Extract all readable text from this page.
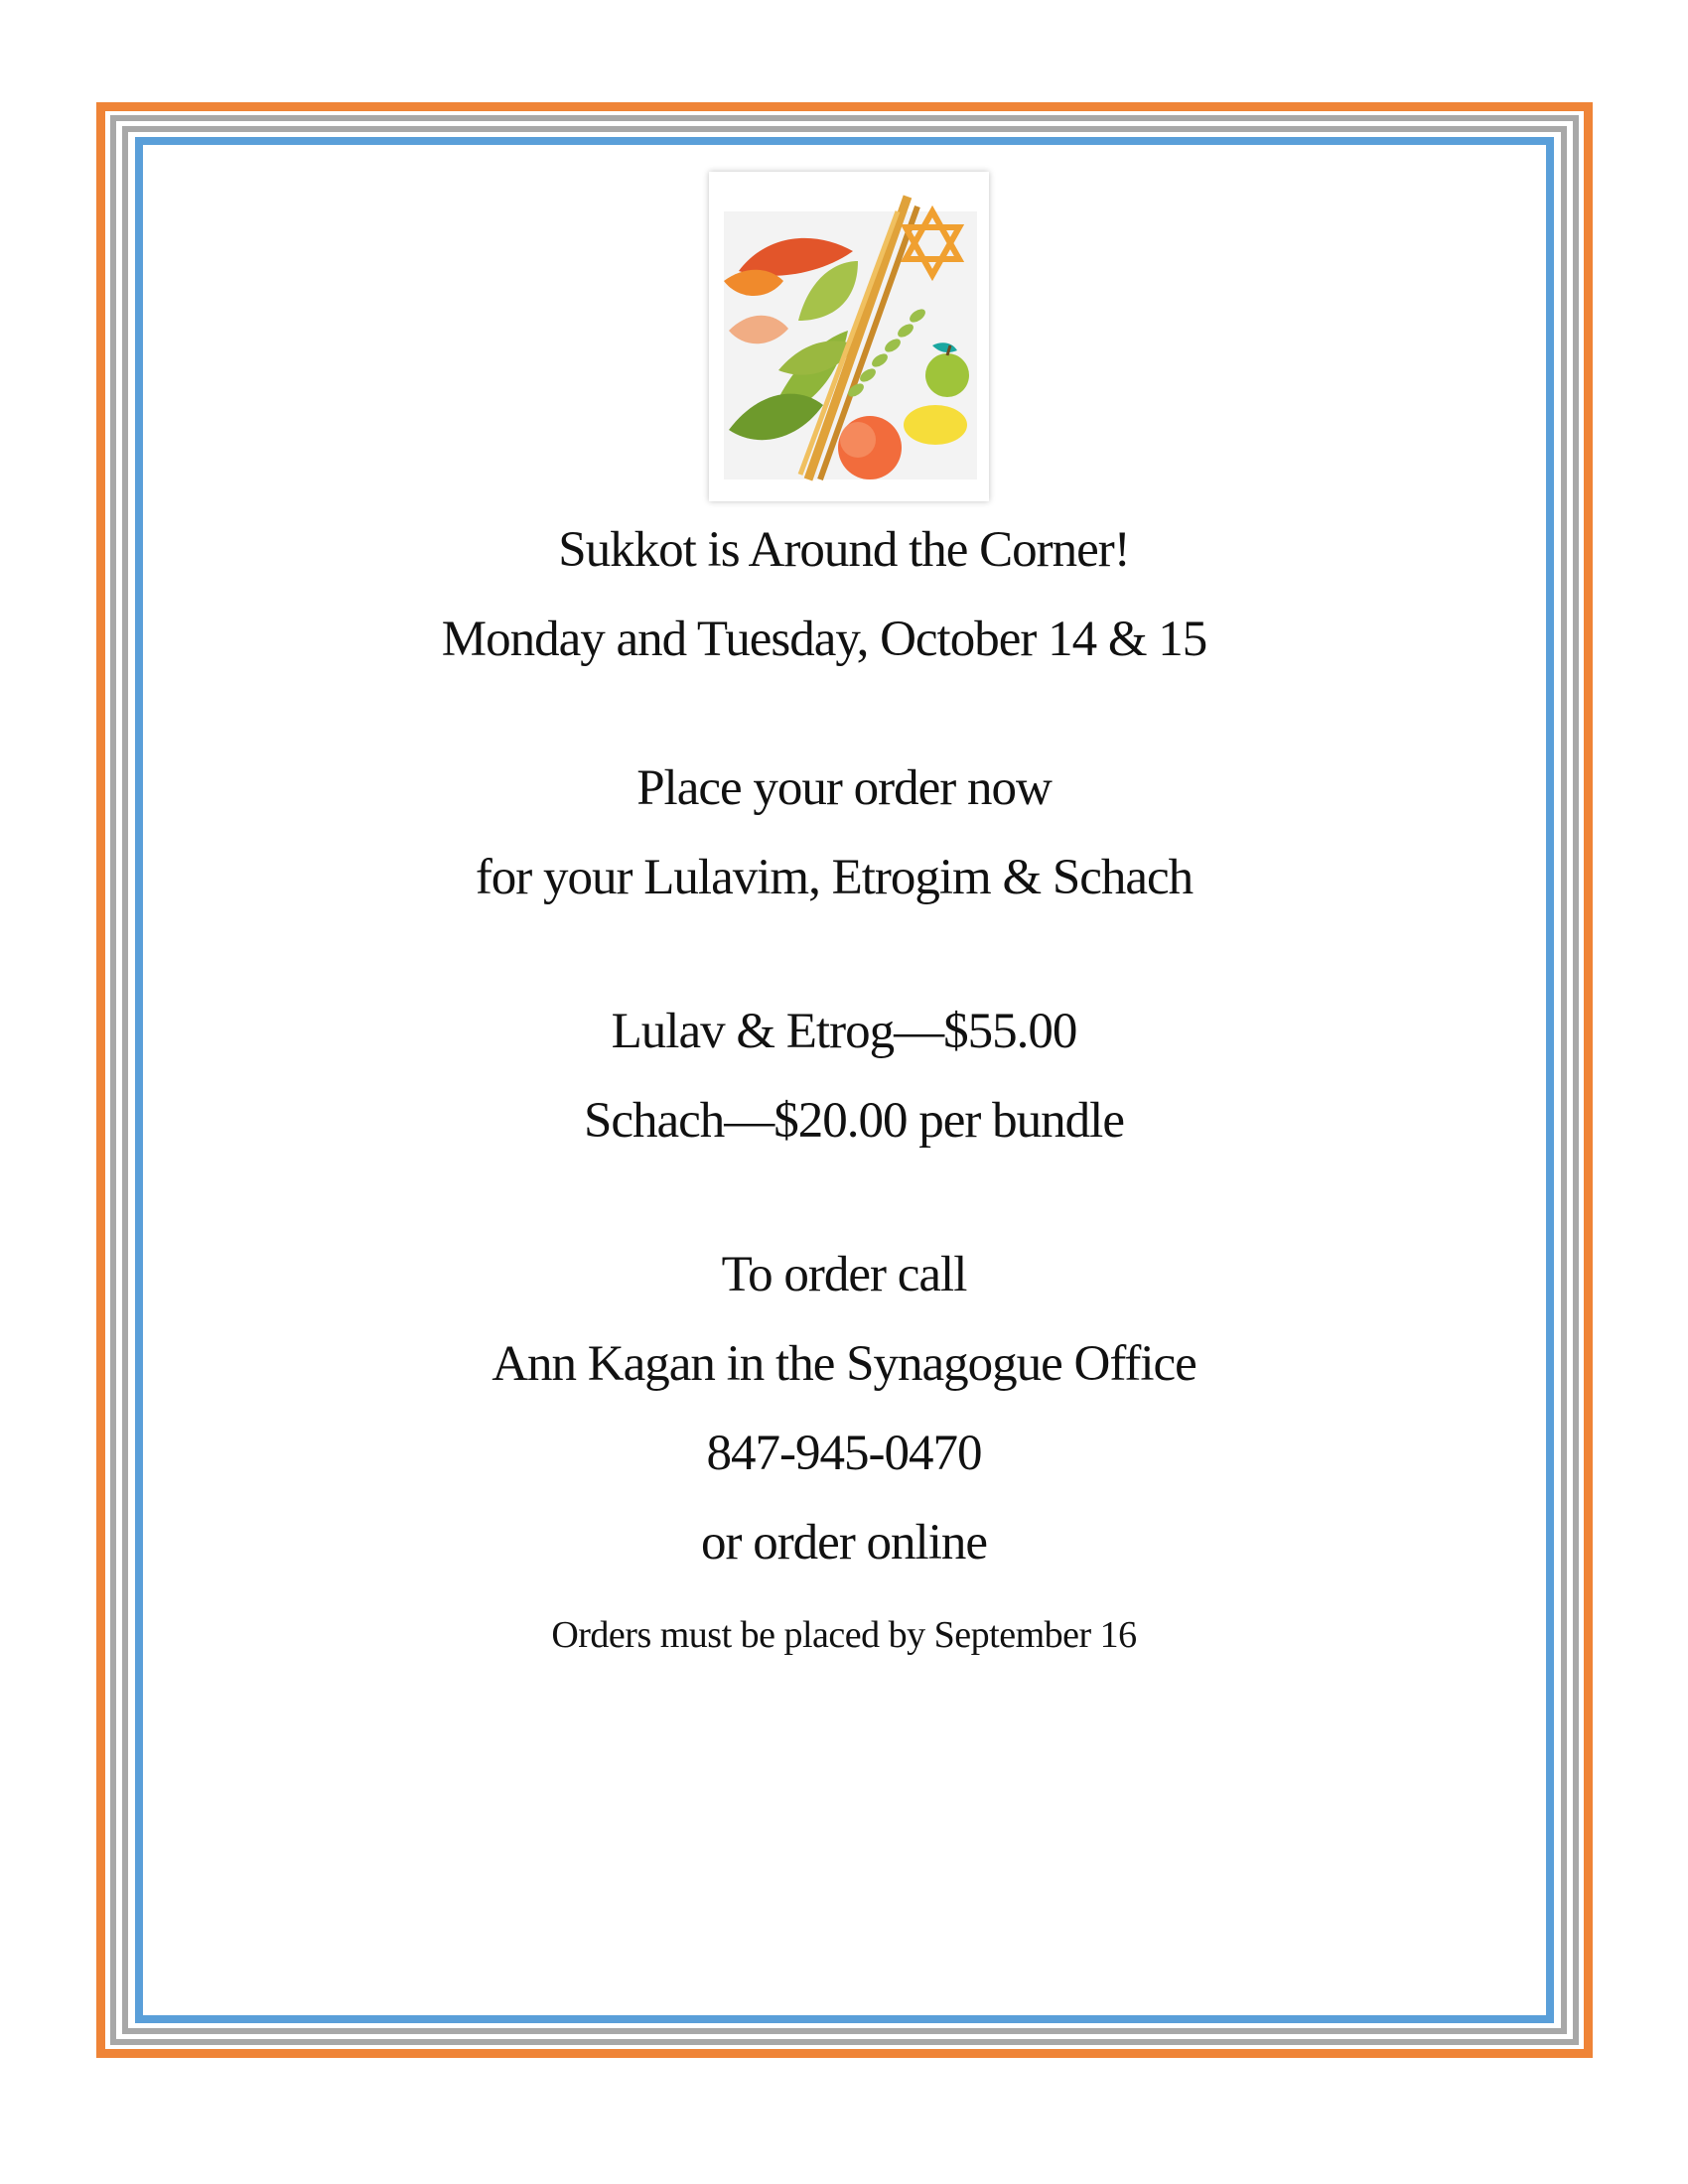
Sukkot is Around the Corner!
Monday and Tuesday, October 14 & 15
Place your order now
for your Lulavim, Etrogim & Schach
Lulav & Etrog—$55.00
Schach—$20.00 per bundle
To order call
Ann Kagan in the Synagogue Office
847-945-0470
or order online
Orders must be placed by September 16
